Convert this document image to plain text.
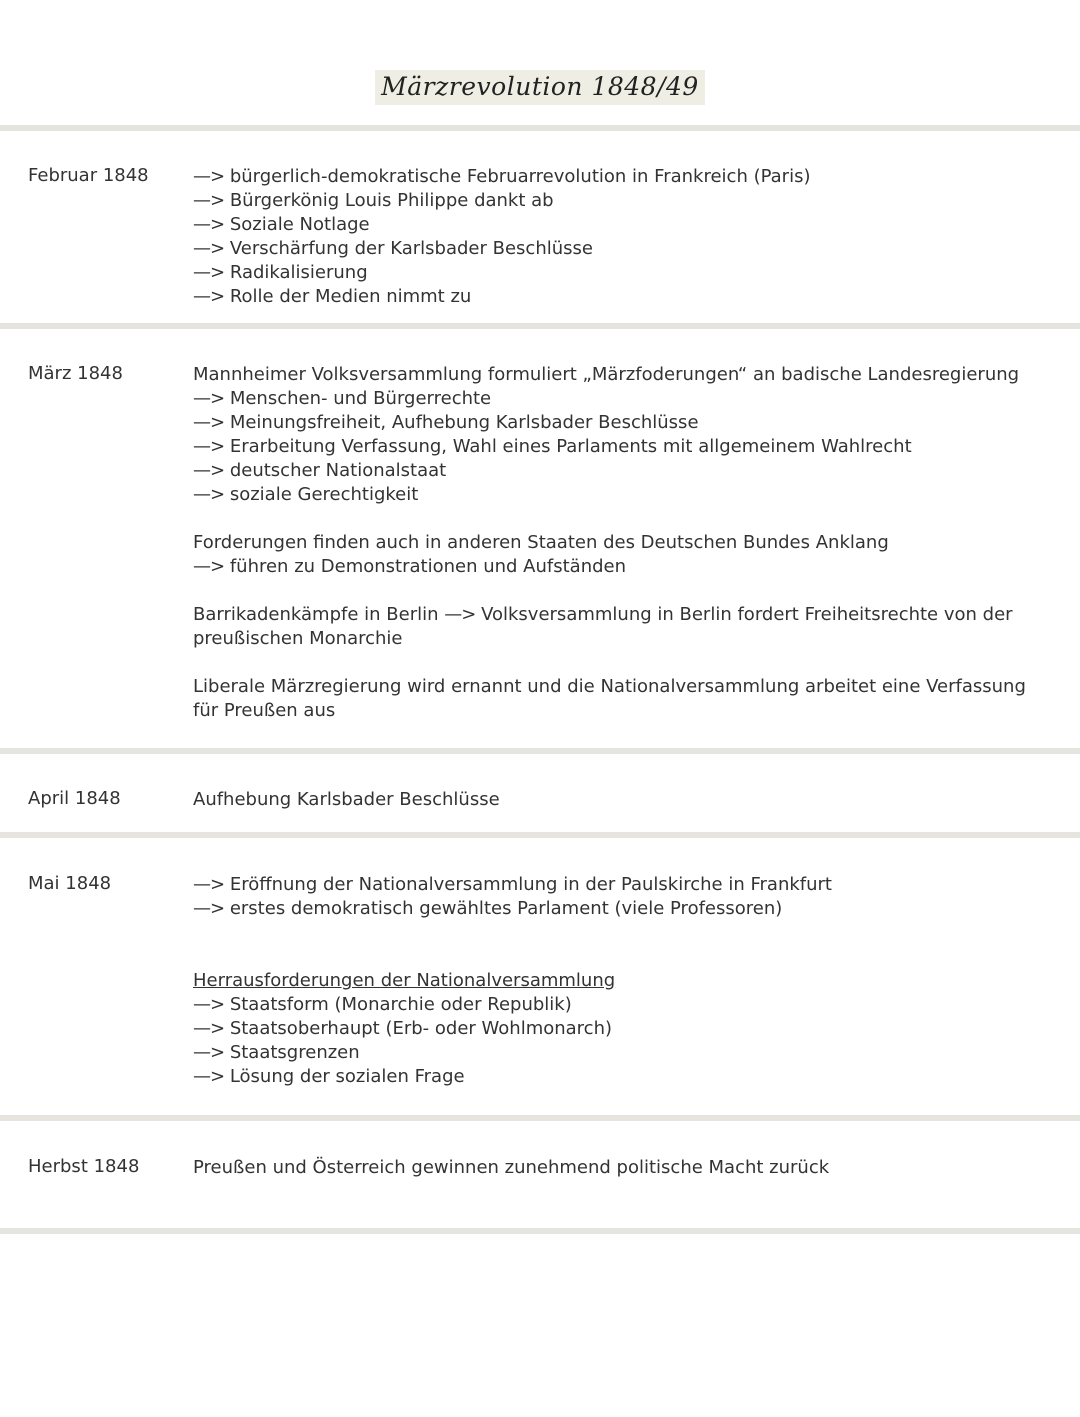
Märzrevolution 1848/49
Februar 1848 —> bürgerlich-demokratische Februarrevolution in Frankreich (Paris)
—> Bürgerkönig Louis Philippe dankt ab
—> Soziale Notlage
—> Verschärfung der Karlsbader Beschlüsse
—> Radikalisierung
—> Rolle der Medien nimmt zu
März 1848	Mannheimer Volksversammlung formuliert „Märzfoderungen“ an badische Landesregierung
—> Menschen- und Bürgerrechte
—> Meinungsfreiheit, Aufhebung Karlsbader Beschlüsse
—> Erarbeitung Verfassung, Wahl eines Parlaments mit allgemeinem Wahlrecht
—> deutscher Nationalstaat
—> soziale Gerechtigkeit
Forderungen finden auch in anderen Staaten des Deutschen Bundes Anklang
—> führen zu Demonstrationen und Aufständen
Barrikadenkämpfe in Berlin —> Volksversammlung in Berlin fordert Freiheitsrechte von der
preußischen Monarchie
Liberale Märzregierung wird ernannt und die Nationalversammlung arbeitet eine Verfassung
für Preußen aus
April 1848	Aufhebung Karlsbader Beschlüsse
Mai 1848	—> Eröffnung der Nationalversammlung in der Paulskirche in Frankfurt
—> erstes demokratisch gewähltes Parlament (viele Professoren)
Herrausforderungen der Nationalversammlung
—> Staatsform (Monarchie oder Republik)
—> Staatsoberhaupt (Erb- oder Wohlmonarch)
—> Staatsgrenzen
—> Lösung der sozialen Frage
Herbst 1848	Preußen und Österreich gewinnen zunehmend politische Macht zurück
